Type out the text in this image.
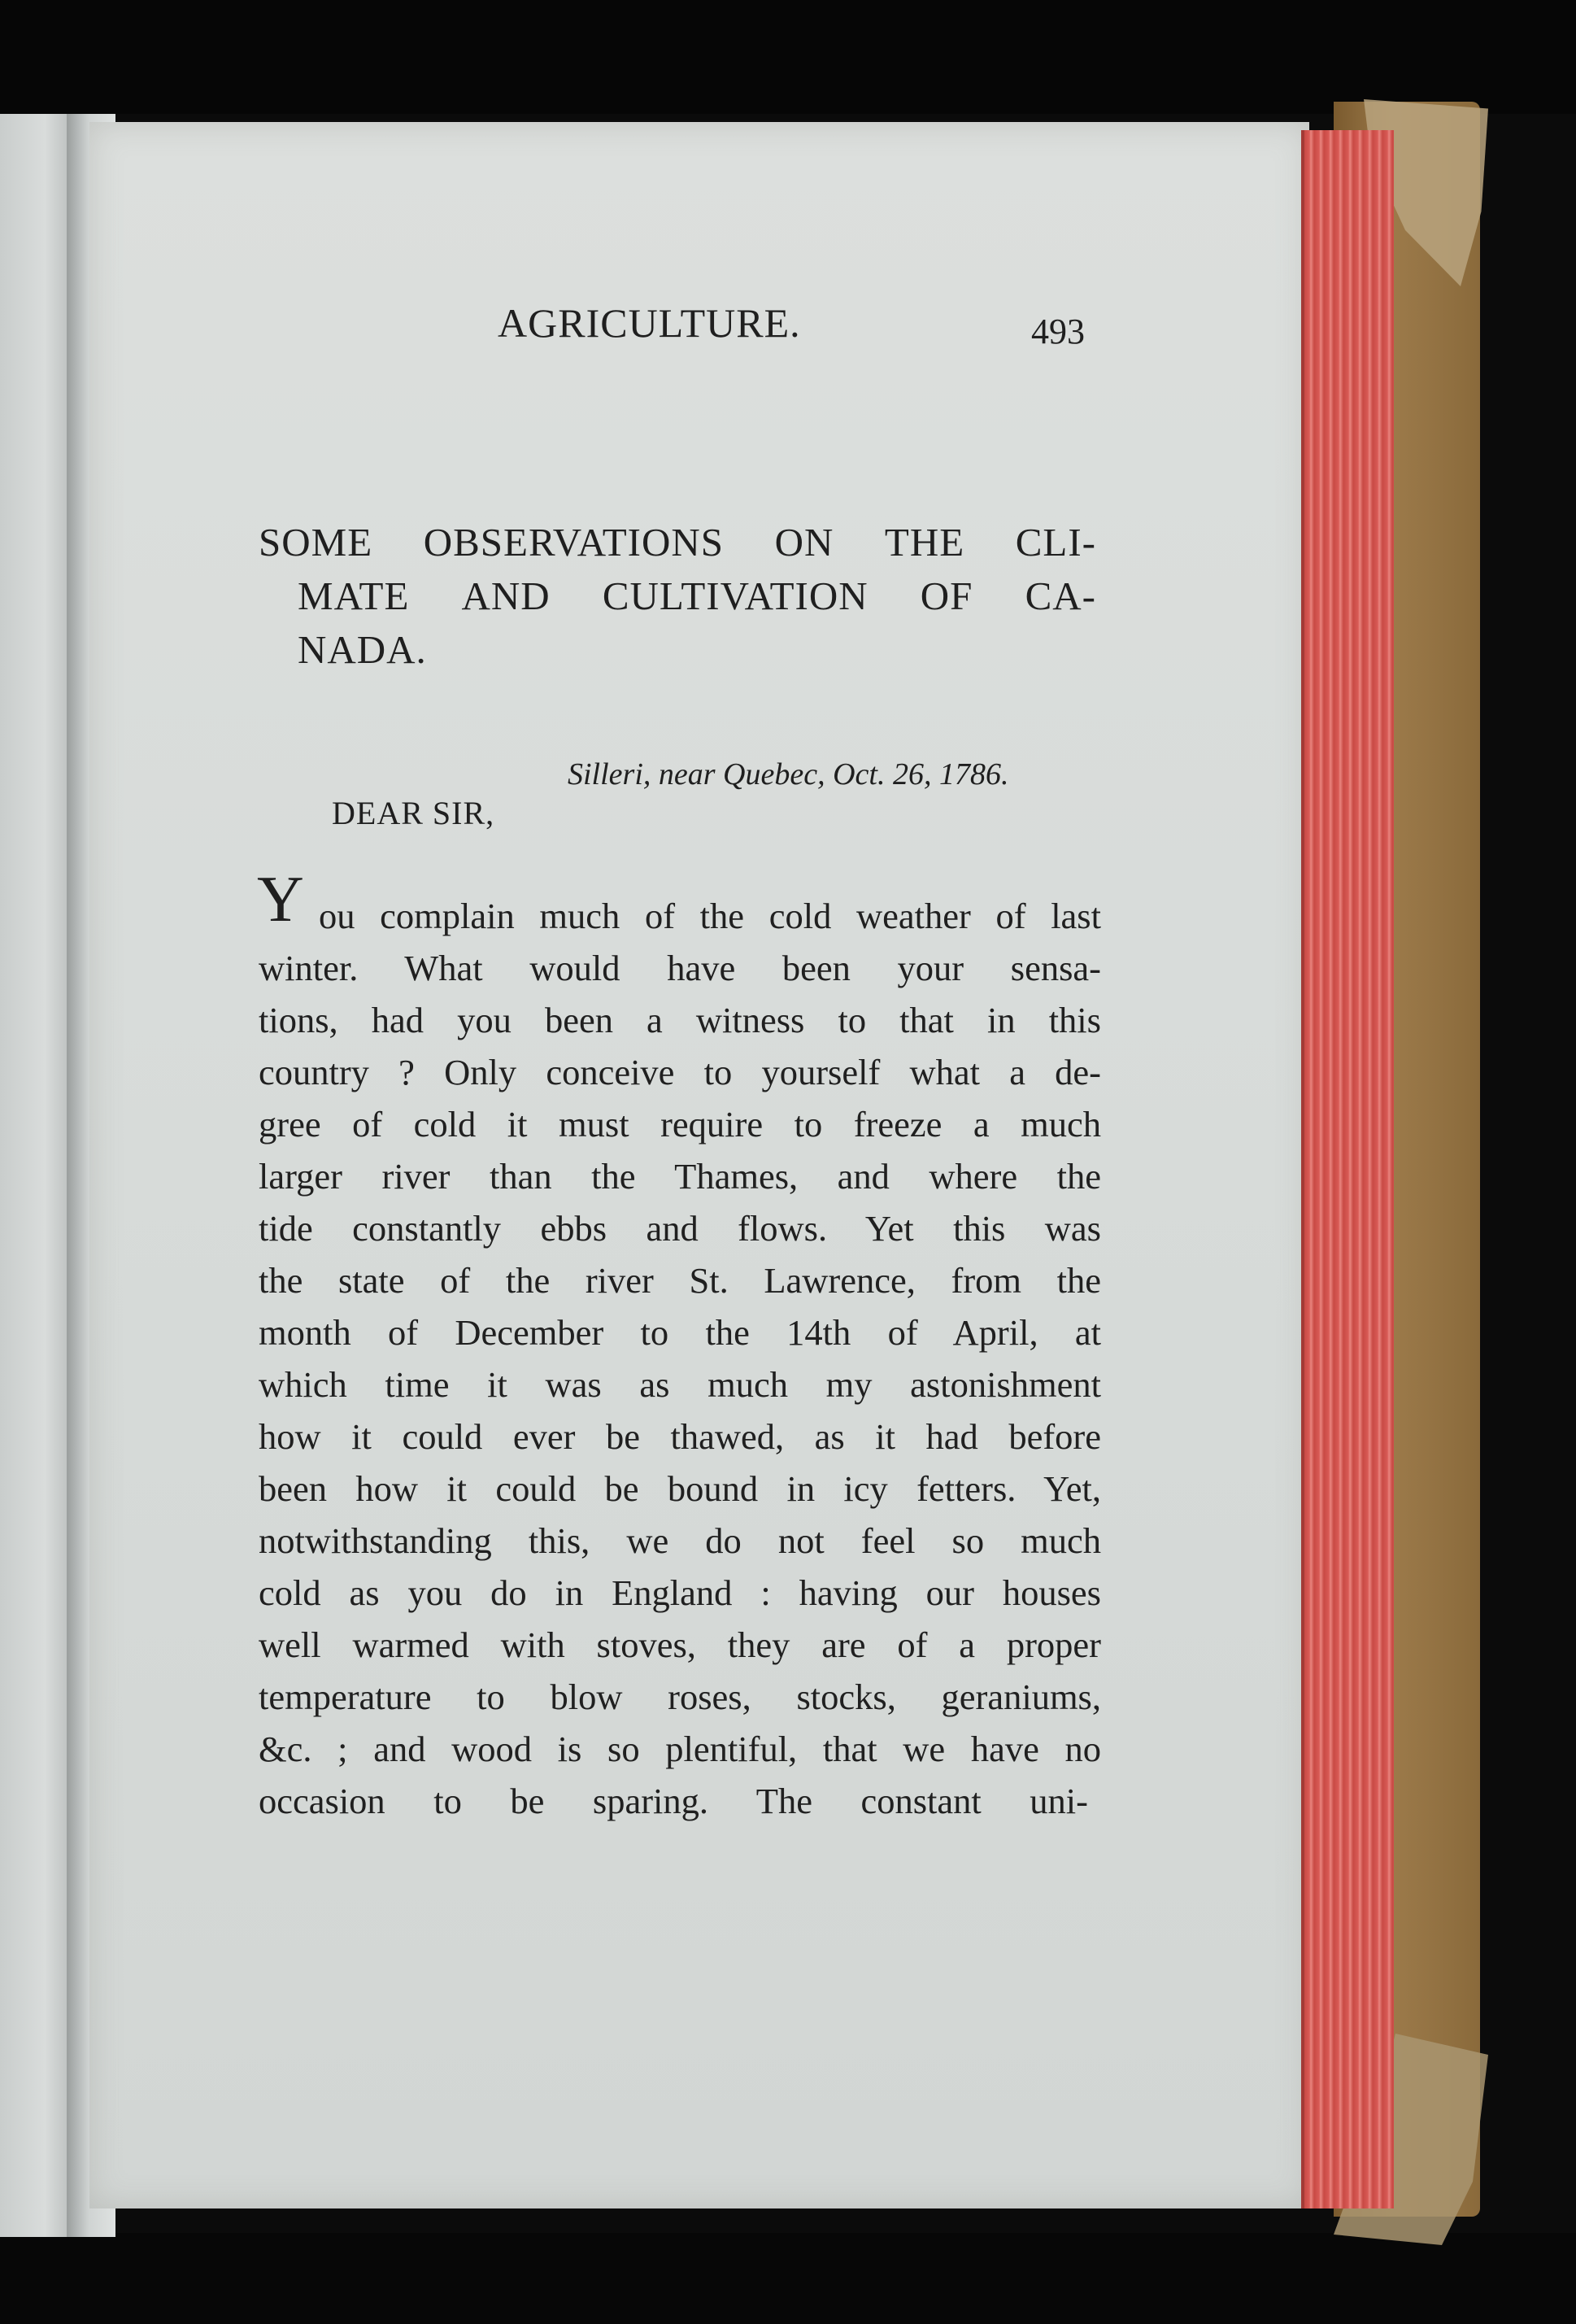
AGRICULTURE.	493
SOME OBSERVATIONS ON THE CLI-
MATE AND CULTIVATION OF CA-
NADA.
Silleri, near Quebec, Oct. 26, 1786.
DEAR SIR,
Y ou complain much of the cold weather of last
winter. What would have been your sensa-
tions, had you been a witness to that in this
country ? Only conceive to yourself what a de-
gree of cold it must require to freeze a much
larger river than the Thames, and where the
tide constantly ebbs and flows. Yet this was
the state of the river St. Lawrence, from the
month of December to the 14th of April, at
which time it was as much my astonishment
how it could ever be thawed, as it had before
been how it could be bound in icy fetters. Yet,
notwithstanding this, we do not feel so much
cold as you do in England : having our houses
well warmed with stoves, they are of a proper
temperature to blow roses, stocks, geraniums,
&c. ; and wood is so plentiful, that we have no
occasion to be sparing. The constant uni-
